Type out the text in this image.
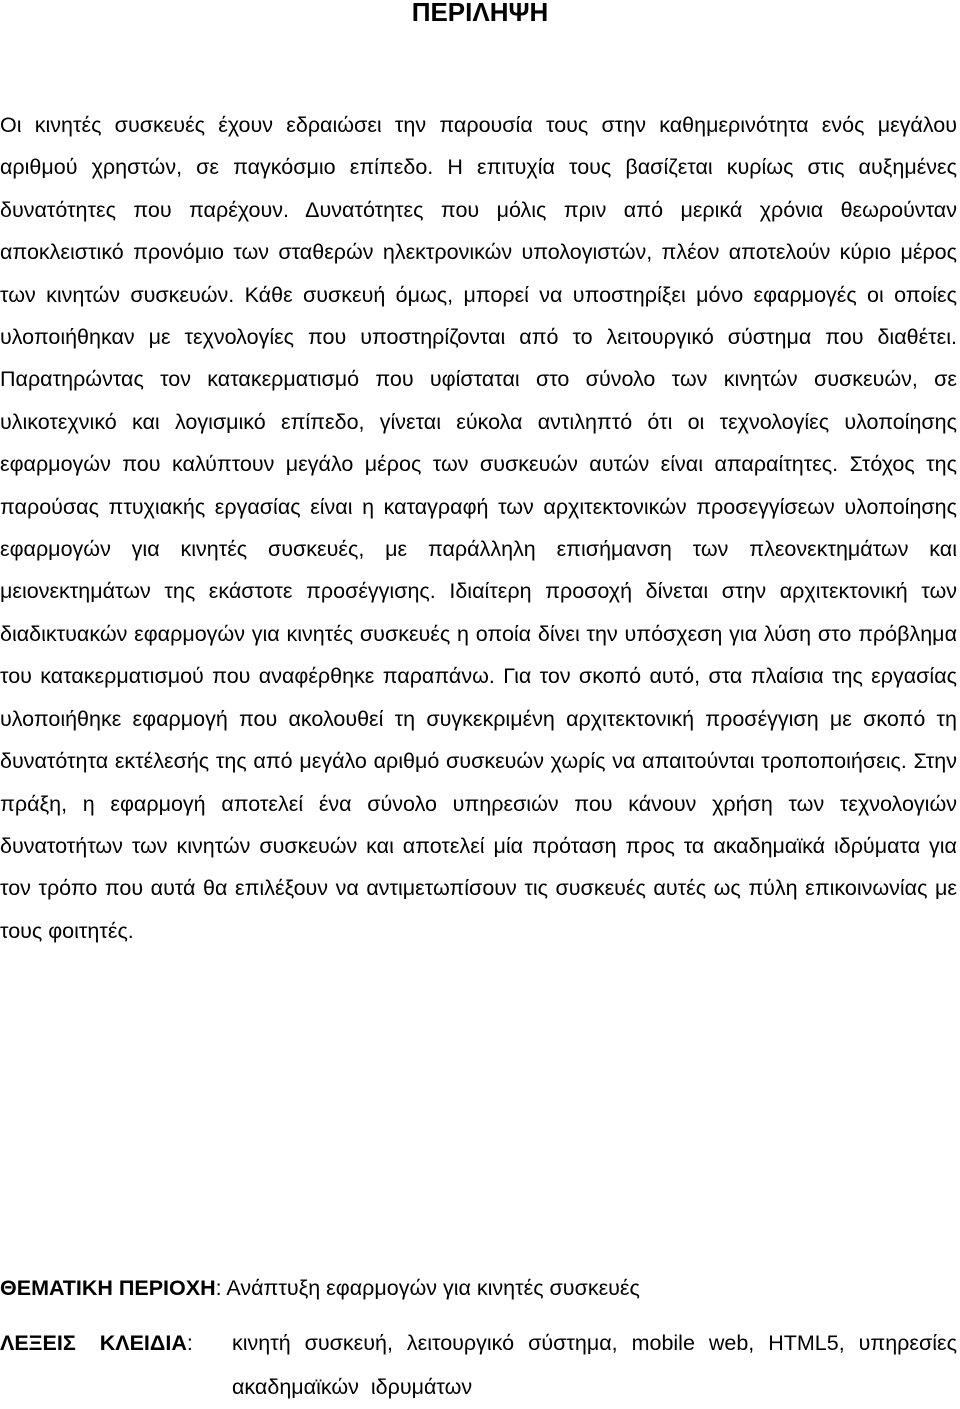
ΠΕΡΙΛΗΨΗ

Οι κινητές συσκευές έχουν εδραιώσει την παρουσία τους στην καθημερινότητα ενός μεγάλου αριθμού χρηστών, σε παγκόσμιο επίπεδο. Η επιτυχία τους βασίζεται κυρίως στις αυξημένες δυνατότητες που παρέχουν. Δυνατότητες που μόλις πριν από μερικά χρόνια θεωρούνταν αποκλειστικό προνόμιο των σταθερών ηλεκτρονικών υπολογιστών, πλέον αποτελούν κύριο μέρος των κινητών συσκευών. Κάθε συσκευή όμως, μπορεί να υποστηρίξει μόνο εφαρμογές οι οποίες υλοποιήθηκαν με τεχνολογίες που υποστηρίζονται από το λειτουργικό σύστημα που διαθέτει. Παρατηρώντας τον κατακερματισμό που υφίσταται στο σύνολο των κινητών συσκευών, σε υλικοτεχνικό και λογισμικό επίπεδο, γίνεται εύκολα αντιληπτό ότι οι τεχνολογίες υλοποίησης εφαρμογών που καλύπτουν μεγάλο μέρος των συσκευών αυτών είναι απαραίτητες. Στόχος της παρούσας πτυχιακής εργασίας είναι η καταγραφή των αρχιτεκτονικών προσεγγίσεων υλοποίησης εφαρμογών για κινητές συσκευές, με παράλληλη επισήμανση των πλεονεκτημάτων και μειονεκτημάτων της εκάστοτε προσέγγισης. Ιδιαίτερη προσοχή δίνεται στην αρχιτεκτονική των διαδικτυακών εφαρμογών για κινητές συσκευές η οποία δίνει την υπόσχεση για λύση στο πρόβλημα του κατακερματισμού που αναφέρθηκε παραπάνω. Για τον σκοπό αυτό, στα πλαίσια της εργασίας υλοποιήθηκε εφαρμογή που ακολουθεί τη συγκεκριμένη αρχιτεκτονική προσέγγιση με σκοπό τη δυνατότητα εκτέλεσής της από μεγάλο αριθμό συσκευών χωρίς να απαιτούνται τροποποιήσεις. Στην πράξη, η εφαρμογή αποτελεί ένα σύνολο υπηρεσιών που κάνουν χρήση των τεχνολογιών δυνατοτήτων των κινητών συσκευών και αποτελεί μία πρόταση προς τα ακαδημαϊκά ιδρύματα για τον τρόπο που αυτά θα επιλέξουν να αντιμετωπίσουν τις συσκευές αυτές ως πύλη επικοινωνίας με τους φοιτητές.

ΘΕΜΑΤΙΚΗ ΠΕΡΙΟΧΗ: Ανάπτυξη εφαρμογών για κινητές συσκευές

ΛΕΞΕΙΣ ΚΛΕΙΔΙΑ:	κινητή συσκευή, λειτουργικό σύστημα, mobile web, HTML5, υπηρεσίες ακαδημαϊκών ιδρυμάτων
